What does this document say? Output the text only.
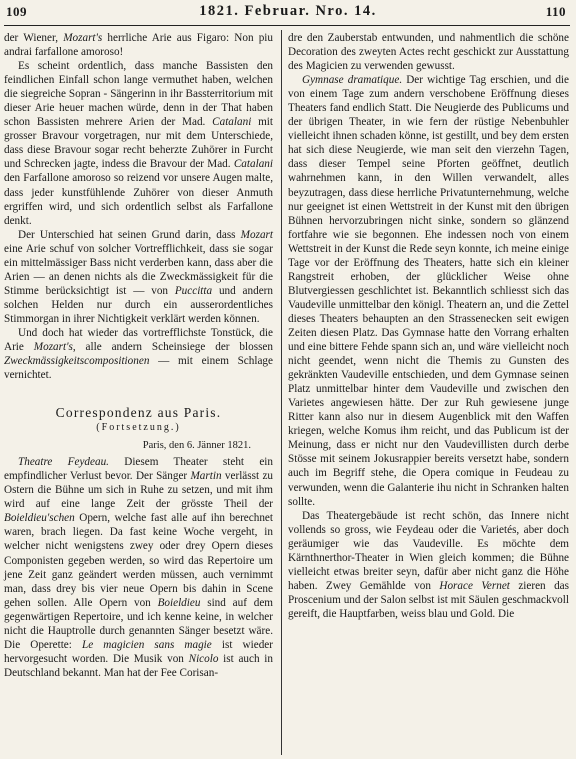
109	1821. Februar. Nro. 14.	110

der Wiener, Mozart's herrliche Arie aus Figaro: Non piu andrai farfallone amoroso!

Es scheint ordentlich, dass manche Bassisten den feindlichen Einfall schon lange vermuthet haben, welchen die siegreiche Sopran - Sängerinn in ihr Bassterritorium mit dieser Arie heuer machen würde, denn in der That haben schon Bassisten mehrere Arien der Mad. Catalani mit grosser Bravour vorgetragen, nur mit dem Unterschiede, dass diese Bravour sogar recht beherzte Zuhörer in Furcht und Schrecken jagte, indess die Bravour der Mad. Catalani den Farfallone amoroso so reizend vor unsere Augen malte, dass jeder kunstfühlende Zuhörer von dieser Anmuth ergriffen wird, und sich ordentlich selbst als Farfallone denkt.

Der Unterschied hat seinen Grund darin, dass Mozart eine Arie schuf von solcher Vortrefflichkeit, dass sie sogar ein mittelmässiger Bass nicht verderben kann, dass aber die Arien — an denen nichts als die Zweckmässigkeit für die Stimme berücksichtigt ist — von Puccitta und andern solchen Helden nur durch ein ausserordentliches Stimmorgan in ihrer Nichtigkeit verklärt werden können.

Und doch hat wieder das vortrefflichste Tonstück, die Arie Mozart's, alle andern Scheinsiege der blossen Zweckmässigkeitscompositionen — mit einem Schlage vernichtet.

Correspondenz aus Paris.
(Fortsetzung.)
Paris, den 6. Jänner 1821.

Theatre Feydeau. Diesem Theater steht ein empfindlicher Verlust bevor. Der Sänger Martin verlässt zu Ostern die Bühne um sich in Ruhe zu setzen, und mit ihm wird auf eine lange Zeit der grösste Theil der Boieldieu'schen Opern, welche fast alle auf ihn berechnet waren, brach liegen. Da fast keine Woche vergeht, in welcher nicht wenigstens zwey oder drey Opern dieses Componisten gegeben werden, so wird das Repertoire um jene Zeit ganz geändert werden müssen, auch vernimmt man, dass drey bis vier neue Opern bis dahin in Scene gehen sollen. Alle Opern von Boieldieu sind auf dem gegenwärtigen Repertoire, und ich kenne keine, in welcher nicht die Hauptrolle durch genannten Sänger besetzt wäre. Die Operette: Le magicien sans magie ist wieder hervorgesucht worden. Die Musik von Nicolo ist auch in Deutschland bekannt. Man hat der Fee Corisan-

dre den Zauberstab entwunden, und nahmentlich die schöne Decoration des zweyten Actes recht geschickt zur Ausstattung des Magicien zu verwenden gewusst.

Gymnase dramatique. Der wichtige Tag erschien, und die von einem Tage zum andern verschobene Eröffnung dieses Theaters fand endlich Statt. Die Neugierde des Publicums und der übrigen Theater, in wie fern der rüstige Nebenbuhler vielleicht ihnen schaden könne, ist gestillt, und bey dem ersten hat sich diese Neugierde, wie man seit den vierzehn Tagen, dass dieser Tempel seine Pforten geöffnet, deutlich wahrnehmen kann, in den Willen verwandelt, alles beyzutragen, dass diese herrliche Privatunternehmung, welche nur geeignet ist einen Wettstreit in der Kunst mit den übrigen Bühnen hervorzubringen nicht sinke, sondern so glänzend fortfahre wie sie begonnen. Ehe indessen noch von einem Wettstreit in der Kunst die Rede seyn konnte, ich meine einige Tage vor der Eröffnung des Theaters, hatte sich ein kleiner Rangstreit erhoben, der glücklicher Weise ohne Blutvergiessen geschlichtet ist. Bekanntlich schliesst sich das Vaudeville unmittelbar den königl. Theatern an, und die Zettel dieses Theaters behaupten an den Strassenecken seit ewigen Zeiten diesen Platz. Das Gymnase hatte den Vorrang erhalten und eine bittere Fehde spann sich an, und wäre vielleicht noch nicht geendet, wenn nicht die Themis zu Gunsten des gekränkten Vaudeville entschieden, und dem Gymnase seinen Platz unmittelbar hinter dem Vaudeville und zwischen den Varietes angewiesen hätte. Der zur Ruh gewiesene junge Ritter kann also nur in diesem Augenblick mit den Waffen kriegen, welche Komus ihm reicht, und das Publicum ist der Meinung, dass er nicht nur den Vaudevillisten durch derbe Stösse mit seinem Jokusrappier bereits versetzt habe, sondern auch im Begriff stehe, die Opera comique in Feudeau zu verwunden, wenn die Galanterie ihu nicht in Schranken halten sollte.

Das Theatergebäude ist recht schön, das Innere nicht vollends so gross, wie Feydeau oder die Varietés, aber doch geräumiger wie das Vaudeville. Es möchte dem Kärnthnerthor-Theater in Wien gleich kommen; die Bühne vielleicht etwas breiter seyn, dafür aber nicht ganz die Höhe haben. Zwey Gemählde von Horace Vernet zieren das Proscenium und der Salon selbst ist mit Säulen geschmackvoll gereift, die Hauptfarben, weiss blau und Gold. Die
